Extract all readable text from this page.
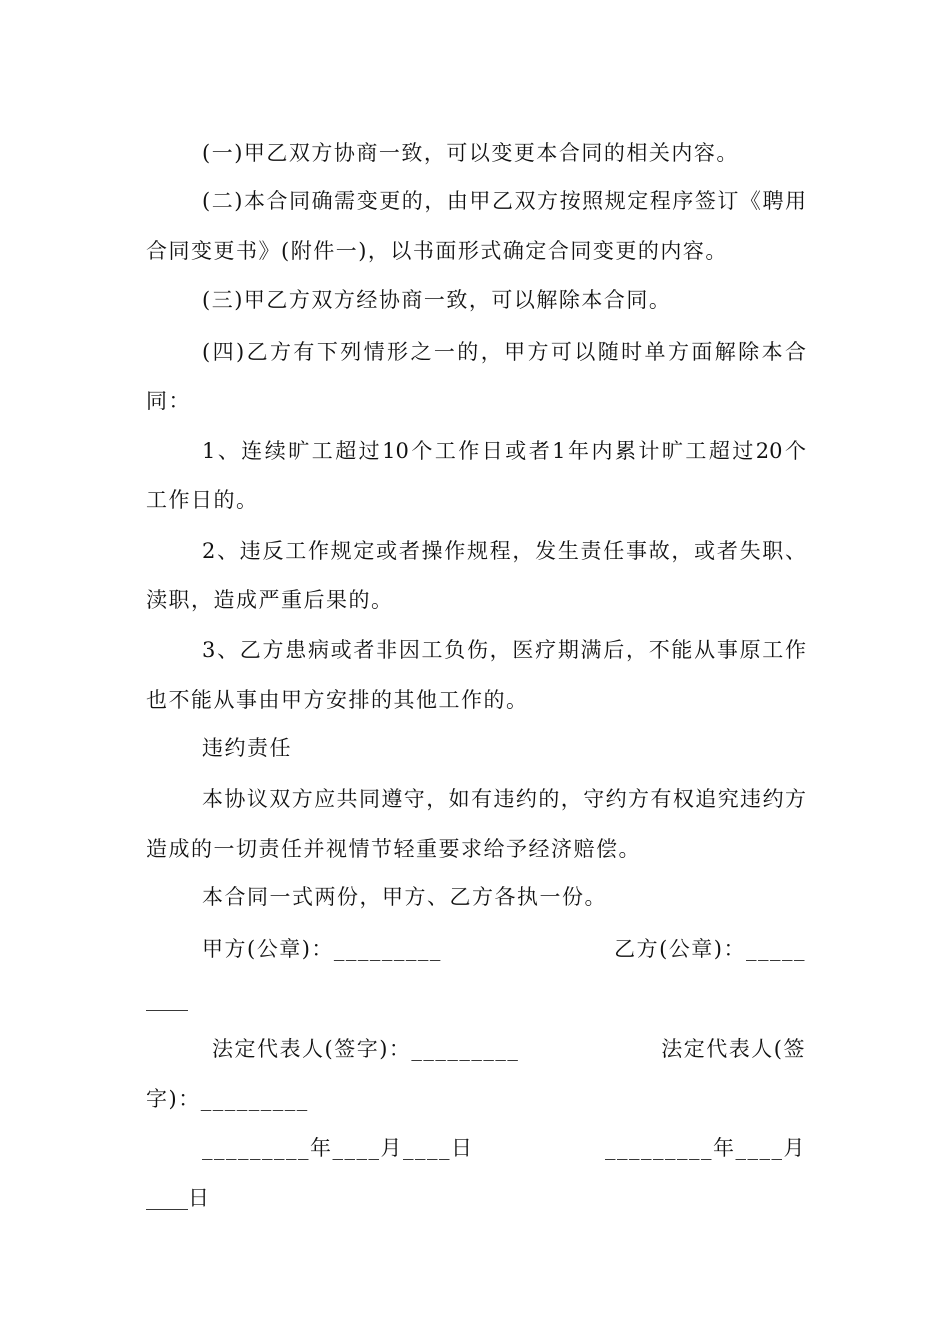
(一)甲乙双方协商一致，可以变更本合同的相关内容。
(二)本合同确需变更的，由甲乙双方按照规定程序签订《聘用
合同变更书》(附件一)，以书面形式确定合同变更的内容。
(三)甲乙方双方经协商一致，可以解除本合同。
(四)乙方有下列情形之一的，甲方可以随时单方面解除本合
同：
1、连续旷工超过10个工作日或者1年内累计旷工超过20个
工作日的。
2、违反工作规定或者操作规程，发生责任事故，或者失职、
渎职，造成严重后果的。
3、乙方患病或者非因工负伤，医疗期满后，不能从事原工作
也不能从事由甲方安排的其他工作的。
违约责任
本协议双方应共同遵守，如有违约的，守约方有权追究违约方
造成的一切责任并视情节轻重要求给予经济赔偿。
本合同一式两份，甲方、乙方各执一份。
甲方(公章)：_________	乙方(公章)：_____
____
法定代表人(签字)：_________	法定代表人(签
字)：_________
_________年____月____日	_________年____月
____日
